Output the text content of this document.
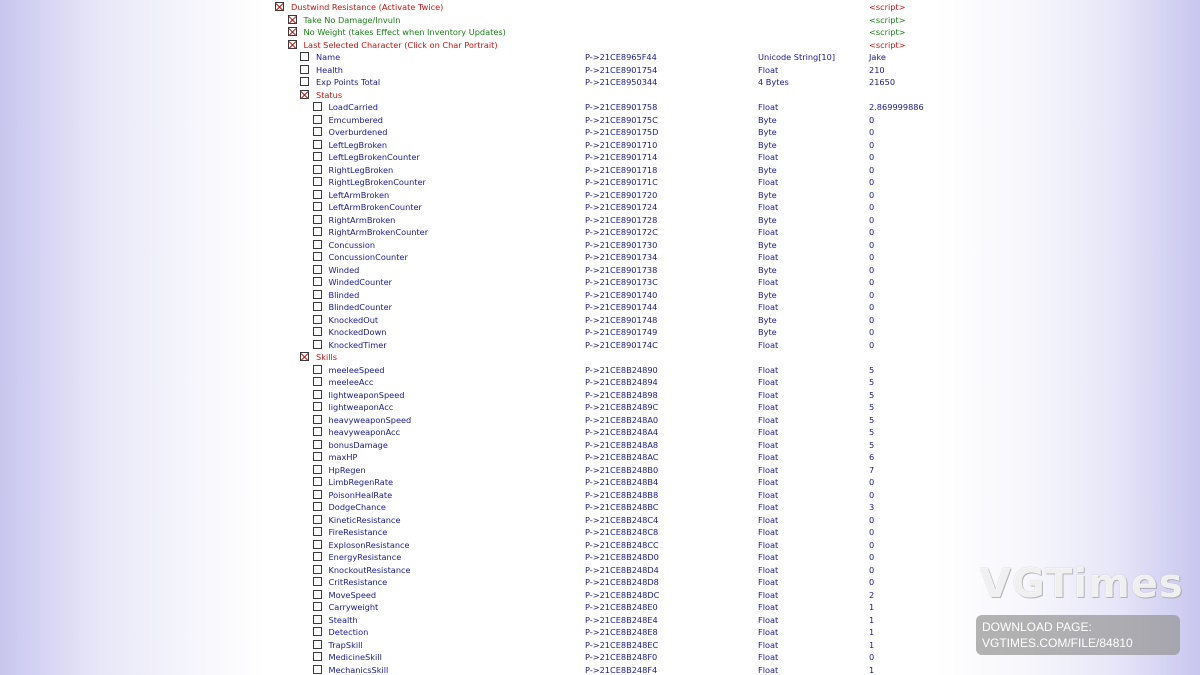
Dustwind Resistance (Activate Twice)	<script>
Take No Damage/Invuln	<script>
No Weight (takes Effect when Inventory Updates)	<script>
Last Selected Character (Click on Char Portrait)	<script>
Name	P->21CE8965F44	Unicode String[10]	Jake
Health	P->21CE8901754	Float	210
Exp Points Total	P->21CE8950344	4 Bytes	21650
Status
LoadCarried	P->21CE8901758	Float	2.869999886
Emcumbered	P->21CE890175C	Byte	0
Overburdened	P->21CE890175D	Byte	0
LeftLegBroken	P->21CE8901710	Byte	0
LeftLegBrokenCounter	P->21CE8901714	Float	0
RightLegBroken	P->21CE8901718	Byte	0
RightLegBrokenCounter	P->21CE890171C	Float	0
LeftArmBroken	P->21CE8901720	Byte	0
LeftArmBrokenCounter	P->21CE8901724	Float	0
RightArmBroken	P->21CE8901728	Byte	0
RightArmBrokenCounter	P->21CE890172C	Float	0
Concussion	P->21CE8901730	Byte	0
ConcussionCounter	P->21CE8901734	Float	0
Winded	P->21CE8901738	Byte	0
WindedCounter	P->21CE890173C	Float	0
Blinded	P->21CE8901740	Byte	0
BlindedCounter	P->21CE8901744	Float	0
KnockedOut	P->21CE8901748	Byte	0
KnockedDown	P->21CE8901749	Byte	0
KnockedTimer	P->21CE890174C	Float	0
Skills
meeleeSpeed	P->21CE8B24890	Float	5
meeleeAcc	P->21CE8B24894	Float	5
lightweaponSpeed	P->21CE8B24898	Float	5
lightweaponAcc	P->21CE8B2489C	Float	5
heavyweaponSpeed	P->21CE8B248A0	Float	5
heavyweaponAcc	P->21CE8B248A4	Float	5
bonusDamage	P->21CE8B248A8	Float	5
maxHP	P->21CE8B248AC	Float	6
HpRegen	P->21CE8B248B0	Float	7
LimbRegenRate	P->21CE8B248B4	Float	0
PoisonHealRate	P->21CE8B248B8	Float	0
DodgeChance	P->21CE8B248BC	Float	3
KineticResistance	P->21CE8B248C4	Float	0
FireResistance	P->21CE8B248C8	Float	0
ExplosonResistance	P->21CE8B248CC	Float	0
EnergyResistance	P->21CE8B248D0	Float	0
KnockoutResistance	P->21CE8B248D4	Float	0
CritResistance	P->21CE8B248D8	Float	0
MoveSpeed	P->21CE8B248DC	Float	2
Carryweight	P->21CE8B248E0	Float	1
Stealth	P->21CE8B248E4	Float	1
Detection	P->21CE8B248E8	Float	1
TrapSkill	P->21CE8B248EC	Float	1
MedicineSkill	P->21CE8B248F0	Float	0
MechanicsSkill	P->21CE8B248F4	Float	1
VGTimes
DOWNLOAD PAGE:
VGTIMES.COM/FILE/84810
